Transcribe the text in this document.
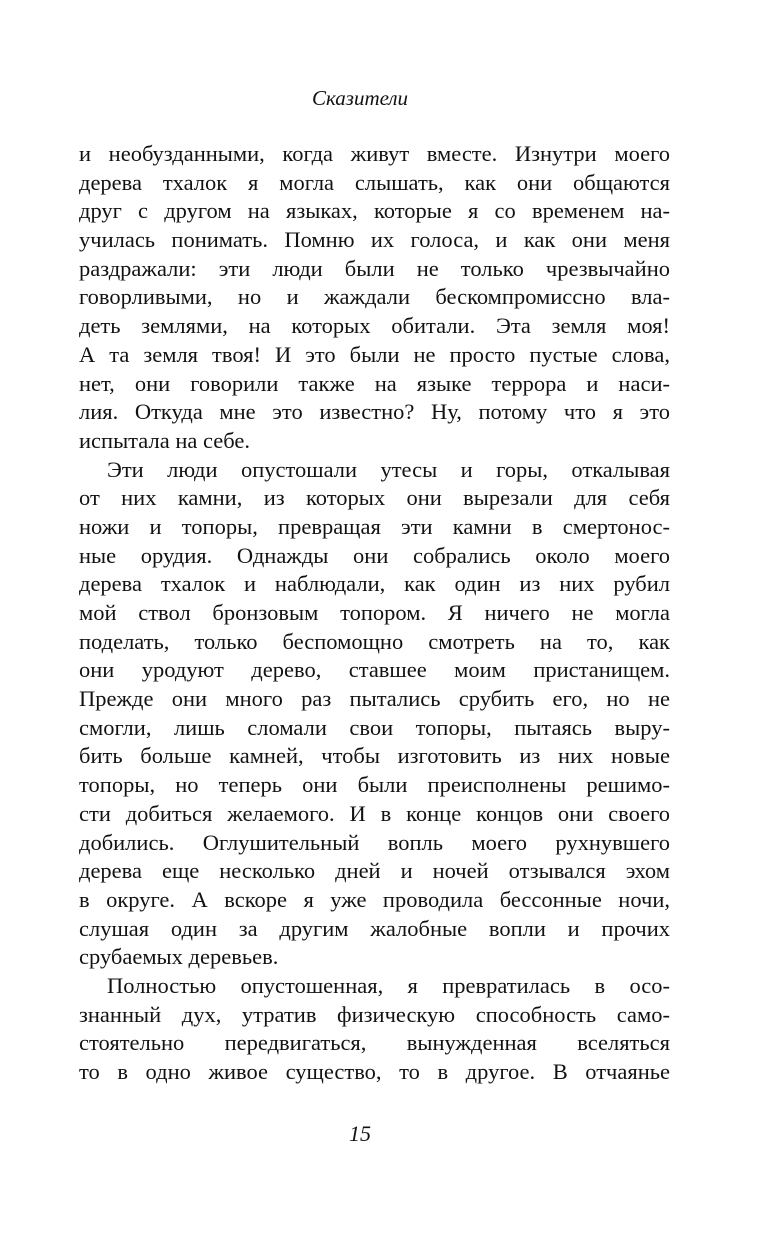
Сказители
и необузданными, когда живут вместе. Изнутри моего
дерева тхалок я могла слышать, как они общаются
друг с другом на языках, которые я со временем на-
училась понимать. Помню их голоса, и как они меня
раздражали: эти люди были не только чрезвычайно
говорливыми, но и жаждали бескомпромиссно вла-
деть землями, на которых обитали. Эта земля моя!
А та земля твоя! И это были не просто пустые слова,
нет, они говорили также на языке террора и наси-
лия. Откуда мне это известно? Ну, потому что я это
испытала на себе.
Эти люди опустошали утесы и горы, откалывая
от них камни, из которых они вырезали для себя
ножи и топоры, превращая эти камни в смертонос-
ные орудия. Однажды они собрались около моего
дерева тхалок и наблюдали, как один из них рубил
мой ствол бронзовым топором. Я ничего не могла
поделать, только беспомощно смотреть на то, как
они уродуют дерево, ставшее моим пристанищем.
Прежде они много раз пытались срубить его, но не
смогли, лишь сломали свои топоры, пытаясь выру-
бить больше камней, чтобы изготовить из них новые
топоры, но теперь они были преисполнены решимо-
сти добиться желаемого. И в конце концов они своего
добились. Оглушительный вопль моего рухнувшего
дерева еще несколько дней и ночей отзывался эхом
в округе. А вскоре я уже проводила бессонные ночи,
слушая один за другим жалобные вопли и прочих
срубаемых деревьев.
Полностью опустошенная, я превратилась в осо-
знанный дух, утратив физическую способность само-
стоятельно передвигаться, вынужденная вселяться
то в одно живое существо, то в другое. В отчаянье
15
